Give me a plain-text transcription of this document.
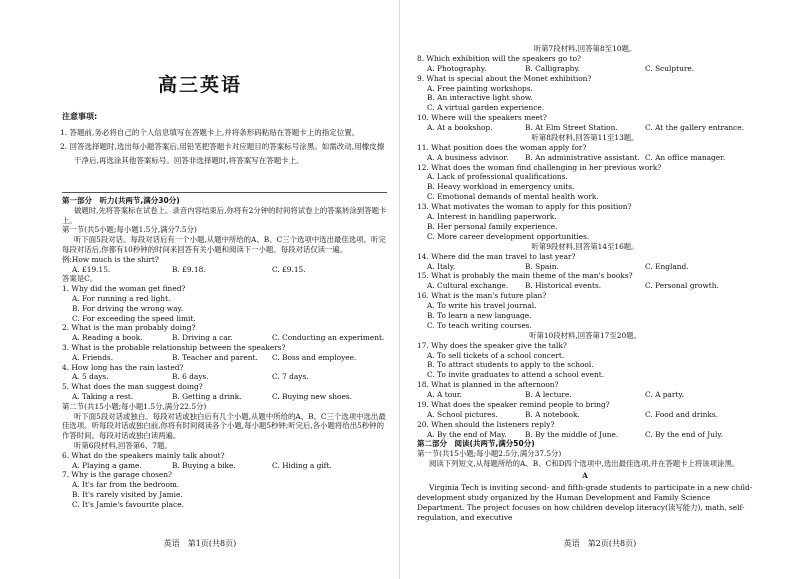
高三英语
注意事项:
1. 答题前,务必将自己的个人信息填写在答题卡上,并将条形码粘贴在答题卡上的指定位置。
2. 回答选择题时,选出每小题答案后,用铅笔把答题卡对应题目的答案标号涂黑。如需改动,用橡皮擦干净后,再选涂其他答案标号。回答非选择题时,将答案写在答题卡上。
第一部分　听力(共两节,满分30分)
做题时,先将答案标在试卷上。录音内容结束后,你将有2分钟的时间将试卷上的答案转涂到答题卡上。
第一节(共5小题;每小题1.5分,满分7.5分)
听下面5段对话。每段对话后有一个小题,从题中所给的A、B、C三个选项中选出最佳选项。听完每段对话后,你都有10秒钟的时间来回答有关小题和阅读下一小题。每段对话仅读一遍。
例:How much is the shirt?
A. £19.15.	B. £9.18.	C. £9.15.
答案是C。
1. Why did the woman get fined?
A. For running a red light.
B. For driving the wrong way.
C. For exceeding the speed limit.
2. What is the man probably doing?
A. Reading a book.	B. Driving a car.	C. Conducting an experiment.
3. What is the probable relationship between the speakers?
A. Friends.	B. Teacher and parent. C. Boss and employee.
4. How long has the rain lasted?
A. 5 days.	B. 6 days.	C. 7 days.
5. What does the man suggest doing?
A. Taking a rest.	B. Getting a drink.	C. Buying new shoes.
第二节(共15小题;每小题1.5分,满分22.5分)
听下面5段对话或独白。每段对话或独白后有几个小题,从题中所给的A、B、C三个选项中选出最佳选项。听每段对话或独白前,你将有时间阅读各个小题,每小题5秒钟;听完后,各小题将给出5秒钟的作答时间。每段对话或独白读两遍。
听第6段材料,回答第6、7题。
6. What do the speakers mainly talk about?
A. Playing a game.	B. Buying a bike.	C. Hiding a gift.
7. Why is the garage chosen?
A. It's far from the bedroom.
B. It's rarely visited by Jamie.
C. It's Jamie's favourite place.
英语　第1页(共8页)
听第7段材料,回答第8至10题。
8. Which exhibition will the speakers go to?
A. Photography.	B. Calligraphy.	C. Sculpture.
9. What is special about the Monet exhibition?
A. Free painting workshops.
B. An interactive light show.
C. A virtual garden experience.
10. Where will the speakers meet?
A. At a bookshop.	B. At Elm Street Station.	C. At the gallery entrance.
听第8段材料,回答第11至13题。
11. What position does the woman apply for?
A. A business advisor. B. An administrative assistant. C. An office manager.
12. What does the woman find challenging in her previous work?
A. Lack of professional qualifications.
B. Heavy workload in emergency units.
C. Emotional demands of mental health work.
13. What motivates the woman to apply for this position?
A. Interest in handling paperwork.
B. Her personal family experience.
C. More career development opportunities.
听第9段材料,回答第14至16题。
14. Where did the man travel to last year?
A. Italy.	B. Spain.	C. England.
15. What is probably the main theme of the man's books?
A. Cultural exchange. B. Historical events.	C. Personal growth.
16. What is the man's future plan?
A. To write his travel journal.
B. To learn a new language.
C. To teach writing courses.
听第10段材料,回答第17至20题。
17. Why does the speaker give the talk?
A. To sell tickets of a school concert.
B. To attract students to apply to the school.
C. To invite graduates to attend a school event.
18. What is planned in the afternoon?
A. A tour.	B. A lecture.	C. A party.
19. What does the speaker remind people to bring?
A. School pictures.	B. A notebook.	C. Food and drinks.
20. When should the listeners reply?
A. By the end of May. B. By the middle of June.	C. By the end of July.
第二部分　阅读(共两节,满分50分)
第一节(共15小题;每小题2.5分,满分37.5分)
阅读下列短文,从每题所给的A、B、C和D四个选项中,选出最佳选项,并在答题卡上将该项涂黑。
A
Virginia Tech is inviting second- and fifth-grade students to participate in a new child-development study organized by the Human Development and Family Science Department. The project focuses on how children develop literacy(读写能力), math, self-regulation, and executive
英语　第2页(共8页)
